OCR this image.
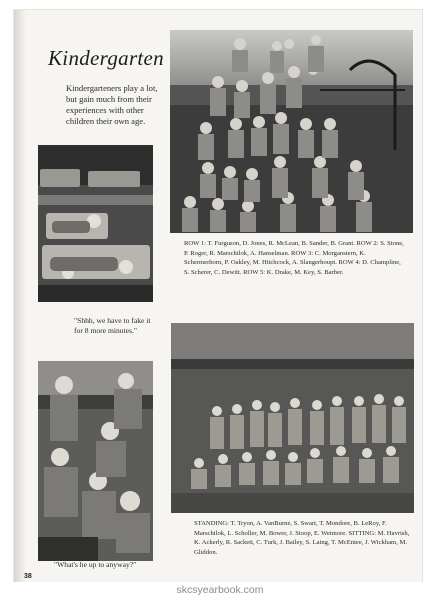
Kindergarten

Kindergarteners play a lot, but gain much from their experiences with other children their own age.

ROW 1: T. Furguson, D. Jones, R. McLean, B. Sander, B. Grant. ROW 2: S. Stone, P. Roger, R. Marschilok, A. Hanselman. ROW 3: C. Morganstern, K. Schermerhorn, P. Oakley, M. Hitchcock, A. Slangerhoupt. ROW 4: D. Champline, S. Scherer, C. Dewitt. ROW 5: K. Drake, M. Key, S. Barber.

"Shhh, we have to fake it for 8 more minutes."

STANDING: T. Tryon, A. VanBurne, S. Swart, T. Mondore, B. LeRoy, F. Marschilok, L. Scholler, M. Bower, J. Stoop, E. Wetmore. SITTING: M. Havrish, K. Ackerly, R. Sackett, C. Turk, J. Bailey, S. Laing, T. McEntee, J. Wickham, M. Gliddon.

"What's he up to anyway?"

38
skcsyearbook.com
